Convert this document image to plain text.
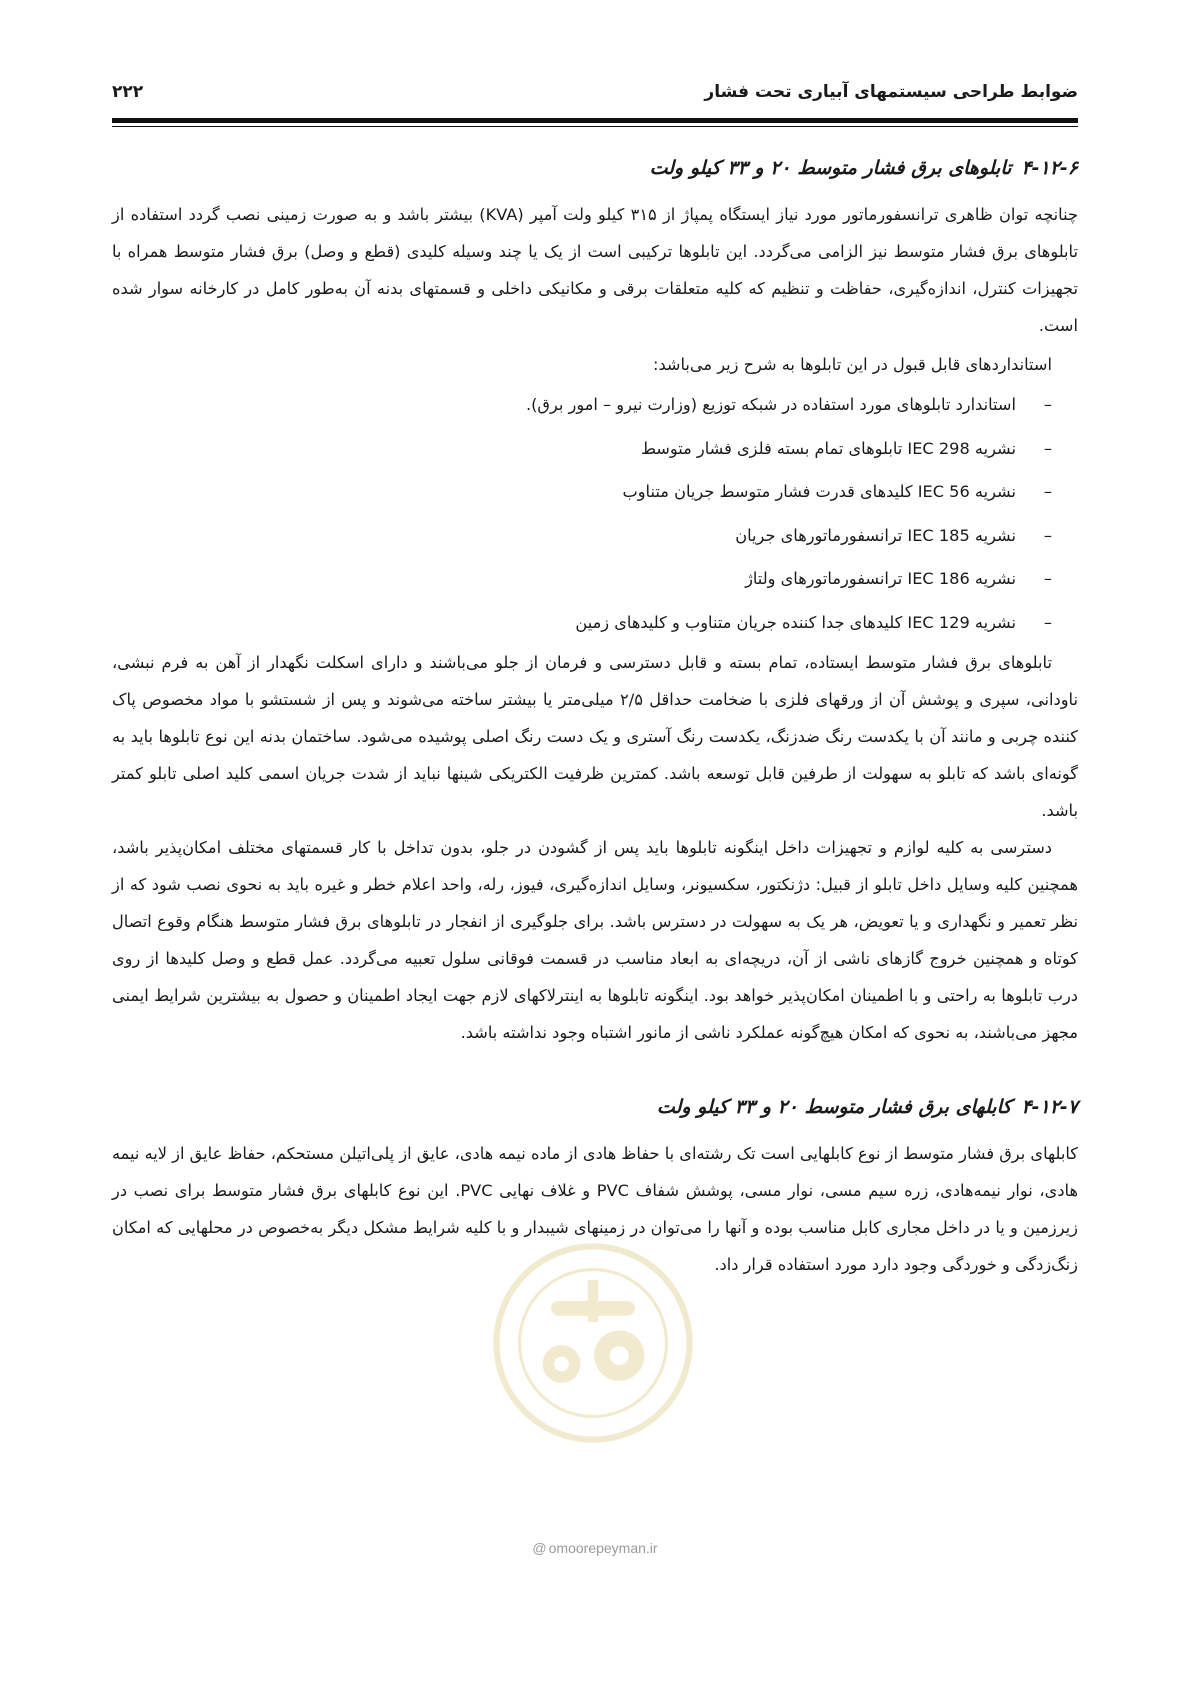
ضوابط طراحی سیستمهای آبیاری تحت فشار
۲۲۲
۴-۱۲-۶تابلوهای برق فشار متوسط ۲۰ و ۳۳ کیلو ولت

چنانچه توان ظاهری ترانسفورماتور مورد نیاز ایستگاه پمپاژ از ۳۱۵ کیلو ولت آمپر (KVA) بیشتر باشد و به صورت زمینی نصب گردد استفاده از تابلوهای برق فشار متوسط نیز الزامی می‌گردد. این تابلوها ترکیبی است از یک یا چند وسیله کلیدی (قطع و وصل) برق فشار متوسط همراه با تجهیزات کنترل، اندازه‌گیری، حفاظت و تنظیم که کلیه متعلقات برقی و مکانیکی داخلی و قسمتهای بدنه آن به‌طور کامل در کارخانه سوار شده است.

استانداردهای قابل قبول در این تابلوها به شرح زیر می‌باشد:
–
استاندارد تابلوهای مورد استفاده در شبکه توزیع (وزارت نیرو – امور برق).
–
نشریه IEC 298 تابلوهای تمام بسته فلزی فشار متوسط
–
نشریه IEC 56 کلیدهای قدرت فشار متوسط جریان متناوب
–
نشریه IEC 185 ترانسفورماتورهای جریان
–
نشریه IEC 186 ترانسفورماتورهای ولتاژ
–
نشریه IEC 129 کلیدهای جدا کننده جریان متناوب و کلیدهای زمین

تابلوهای برق فشار متوسط ایستاده، تمام بسته و قابل دسترسی و فرمان از جلو می‌باشند و دارای اسکلت نگهدار از آهن به فرم نبشی، ناودانی، سپری و پوشش آن از ورقهای فلزی با ضخامت حداقل ۲/۵ میلی‌متر یا بیشتر ساخته می‌شوند و پس از شستشو با مواد مخصوص پاک کننده چربی و مانند آن با یکدست رنگ ضدزنگ، یکدست رنگ آستری و یک دست رنگ اصلی پوشیده می‌شود. ساختمان بدنه این نوع تابلوها باید به گونه‌ای باشد که تابلو به سهولت از طرفین قابل توسعه باشد. کمترین ظرفیت الکتریکی شینها نباید از شدت جریان اسمی کلید اصلی تابلو کمتر باشد.

دسترسی به کلیه لوازم و تجهیزات داخل اینگونه تابلوها باید پس از گشودن در جلو، بدون تداخل با کار قسمتهای مختلف امکان‌پذیر باشد، همچنین کلیه وسایل داخل تابلو از قبیل: دژنکتور، سکسیونر، وسایل اندازه‌گیری، فیوز، رله، واحد اعلام خطر و غیره باید به نحوی نصب شود که از نظر تعمیر و نگهداری و یا تعویض، هر یک به سهولت در دسترس باشد. برای جلوگیری از انفجار در تابلوهای برق فشار متوسط هنگام وقوع اتصال کوتاه و همچنین خروج گازهای ناشی از آن، دریچه‌ای به ابعاد مناسب در قسمت فوقانی سلول تعبیه می‌گردد. عمل قطع و وصل کلیدها از روی درب تابلوها به راحتی و با اطمینان امکان‌پذیر خواهد بود. اینگونه تابلوها به اینترلاکهای لازم جهت ایجاد اطمینان و حصول به بیشترین شرایط ایمنی مجهز می‌باشند، به نحوی که امکان هیچ‌گونه عملکرد ناشی از مانور اشتباه وجود نداشته باشد.

۴-۱۲-۷کابلهای برق فشار متوسط ۲۰ و ۳۳ کیلو ولت

کابلهای برق فشار متوسط از نوع کابلهایی است تک رشته‌ای با حفاظ هادی از ماده نیمه هادی، عایق از پلی‌اتیلن مستحکم، حفاظ عایق از لایه نیمه هادی، نوار نیمه‌هادی، زره سیم مسی، نوار مسی، پوشش شفاف PVC و غلاف نهایی PVC. این نوع کابلهای برق فشار متوسط برای نصب در زیرزمین و یا در داخل مجاری کابل مناسب بوده و آنها را می‌توان در زمینهای شیبدار و با کلیه شرایط مشکل دیگر به‌خصوص در محلهایی که امکان زنگ‌زدگی و خوردگی وجود دارد مورد استفاده قرار داد.

@ omoorepeyman.ir
